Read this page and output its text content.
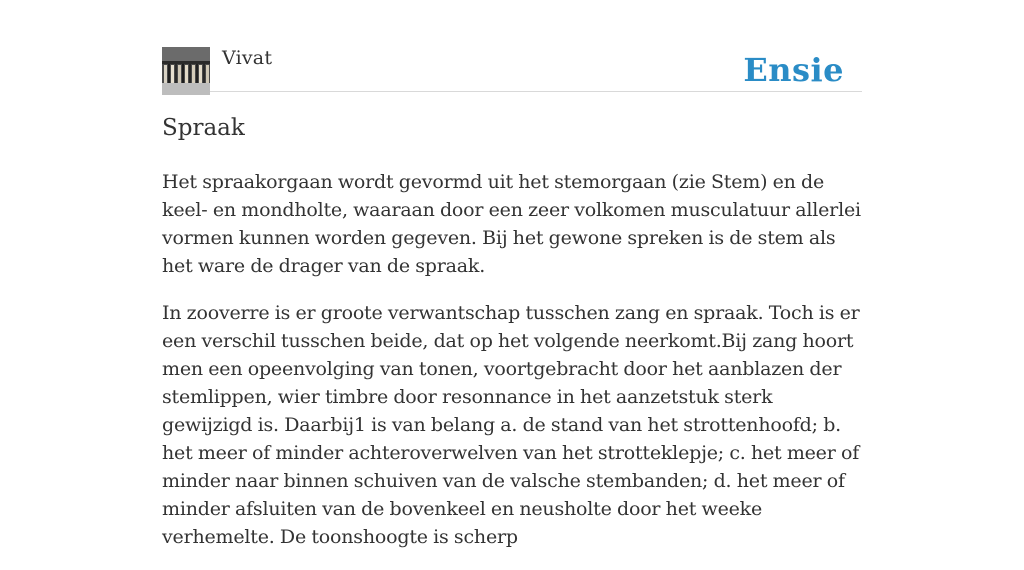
Vivat	Ensie
Spraak

Het spraakorgaan wordt gevormd uit het stemorgaan (zie Stem) en de keel- en mondholte, waaraan door een zeer volkomen musculatuur allerlei vormen kunnen worden gegeven. Bij het gewone spreken is de stem als het ware de drager van de spraak.

In zooverre is er groote verwantschap tusschen zang en spraak. Toch is er een verschil tusschen beide, dat op het volgende neerkomt.Bij zang hoort men een opeenvolging van tonen, voortgebracht door het aanblazen der stemlippen, wier timbre door resonnance in het aanzetstuk sterk gewijzigd is. Daarbij1 is van belang a. de stand van het strottenhoofd; b. het meer of minder achteroverwelven van het strotteklepje; c. het meer of minder naar binnen schuiven van de valsche stembanden; d. het meer of minder afsluiten van de bovenkeel en neusholte door het weeke verhemelte. De toonshoogte is scherp
